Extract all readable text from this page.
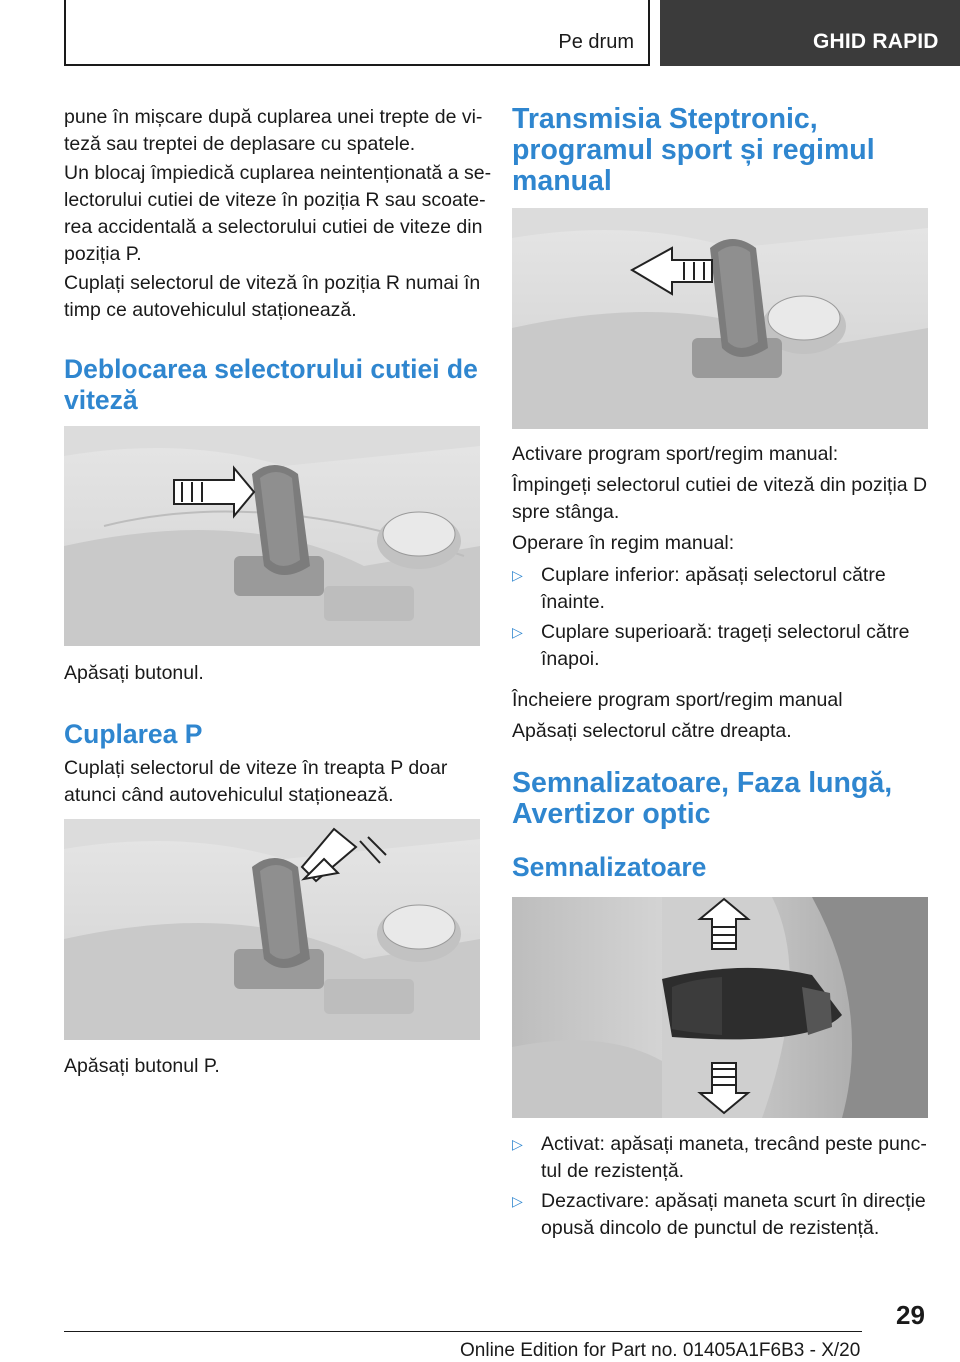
Pe drum	GHID RAPID
pune în mișcare după cuplarea unei trepte de vi-
teză sau treptei de deplasare cu spatele.
Un blocaj împiedică cuplarea neintenționată a se-
lectorului cutiei de viteze în poziția R sau scoate-
rea accidentală a selectorului cutiei de viteze din
poziția P.
Cuplați selectorul de viteză în poziția R numai în
timp ce autovehiculul staționează.
Deblocarea selectorului cutiei de
viteză
Apăsați butonul.
Cuplarea P
Cuplați selectorul de viteze în treapta P doar
atunci când autovehiculul staționează.
Apăsați butonul P.
Transmisia Steptronic,
programul sport și regimul
manual
Activare program sport/regim manual:
Împingeți selectorul cutiei de viteză din poziția D
spre stânga.
Operare în regim manual:
▷ Cuplare inferior: apăsați selectorul către
înainte.
▷ Cuplare superioară: trageți selectorul către
înapoi.
Încheiere program sport/regim manual
Apăsați selectorul către dreapta.
Semnalizatoare, Faza lungă,
Avertizor optic
Semnalizatoare
▷ Activat: apăsați maneta, trecând peste punc-
tul de rezistență.
▷ Dezactivare: apăsați maneta scurt în direcție
opusă dincolo de punctul de rezistență.
29
Online Edition for Part no. 01405A1F6B3 - X/20
